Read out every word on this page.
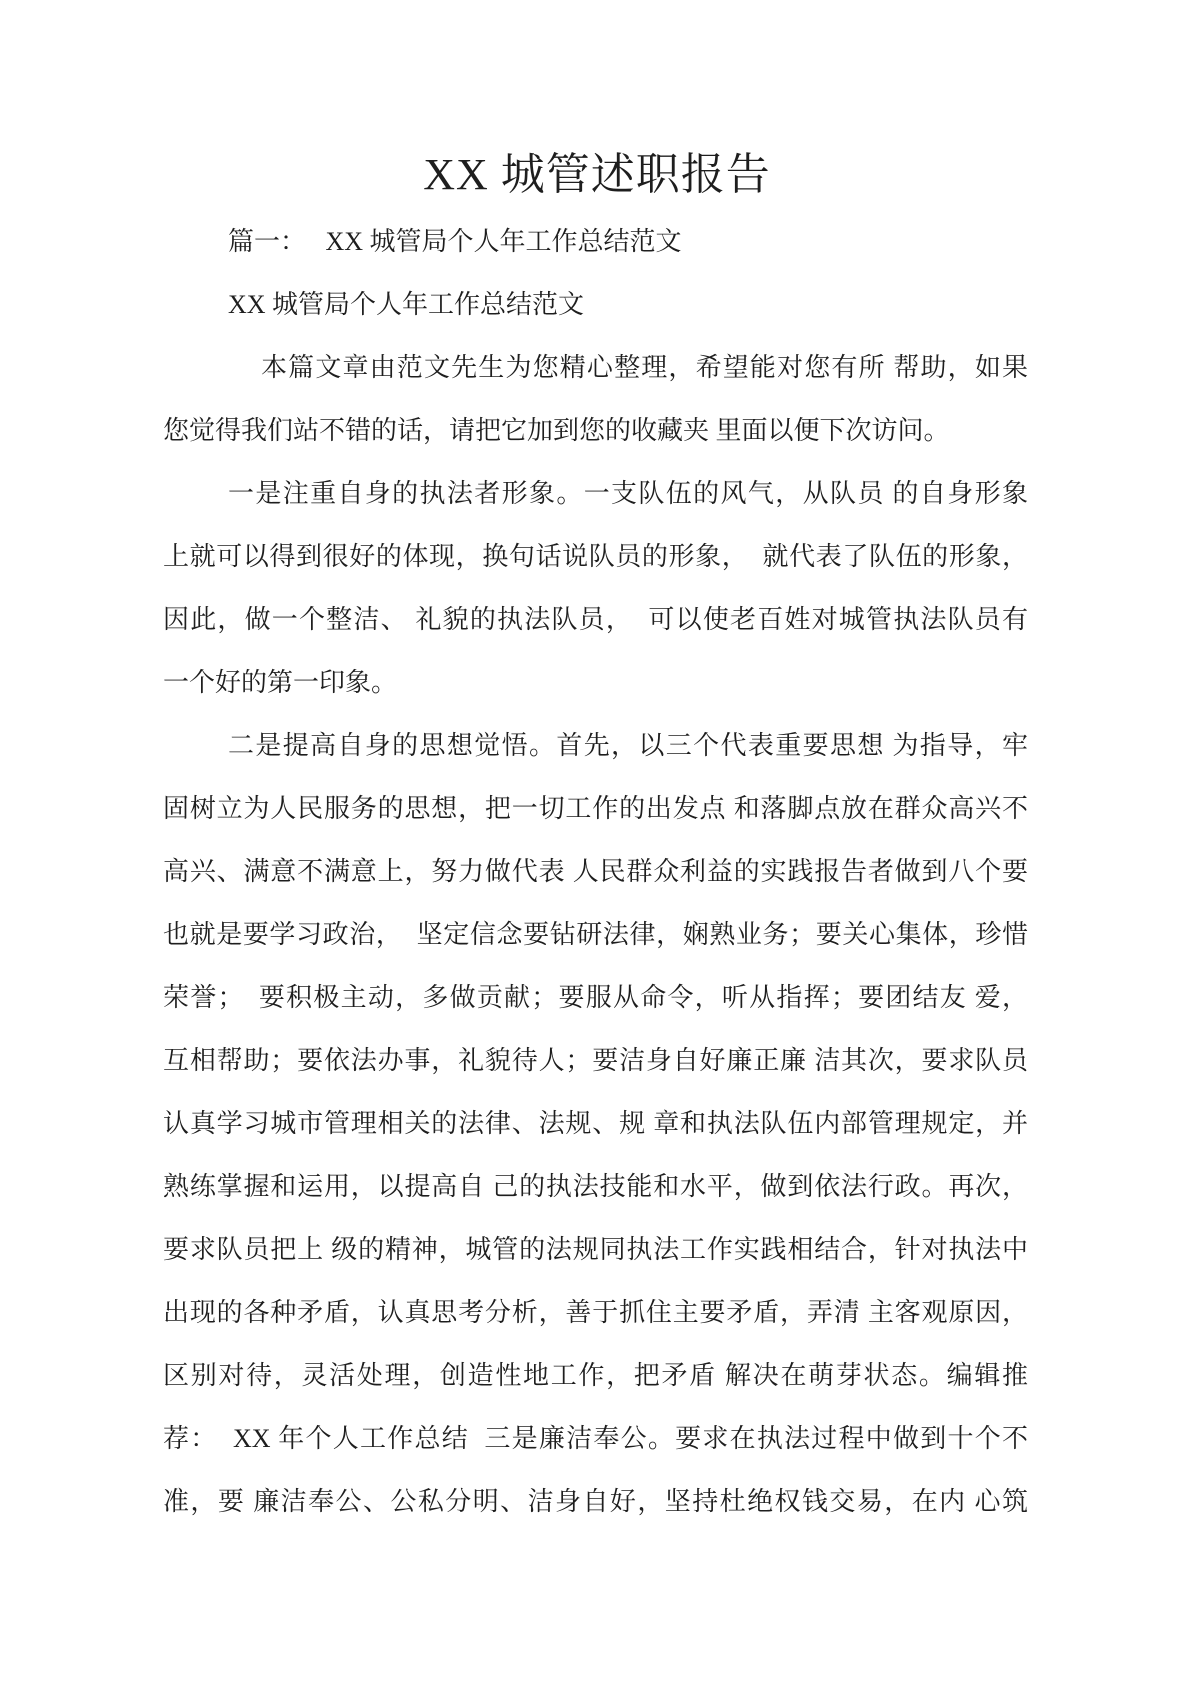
XX 城管述职报告
篇一：　 XX 城管局个人年工作总结范文
XX 城管局个人年工作总结范文
本篇文章由范文先生为您精心整理，希望能对您有所 帮助，如果
您觉得我们站不错的话，请把它加到您的收藏夹 里面以便下次访问。
一是注重自身的执法者形象。一支队伍的风气，从队员 的自身形象
上就可以得到很好的体现，换句话说队员的形象，  就代表了队伍的形象，
因此，做一个整洁、 礼貌的执法队员，  可以使老百姓对城管执法队员有
一个好的第一印象。
二是提高自身的思想觉悟。首先，以三个代表重要思想 为指导，牢
固树立为人民服务的思想，把一切工作的出发点 和落脚点放在群众高兴不
高兴、满意不满意上，努力做代表 人民群众利益的实践报告者做到八个要
也就是要学习政治，  坚定信念要钻研法律，娴熟业务；要关心集体，珍惜
荣誉；  要积极主动，多做贡献；要服从命令，听从指挥；要团结友 爱，
互相帮助；要依法办事，礼貌待人；要洁身自好廉正廉 洁其次，要求队员
认真学习城市管理相关的法律、法规、规 章和执法队伍内部管理规定，并
熟练掌握和运用，以提高自 己的执法技能和水平，做到依法行政。再次，
要求队员把上 级的精神，城管的法规同执法工作实践相结合，针对执法中
出现的各种矛盾，认真思考分析，善于抓住主要矛盾，弄清 主客观原因，
区别对待，灵活处理，创造性地工作，把矛盾 解决在萌芽状态。编辑推
荐：  XX 年个人工作总结  三是廉洁奉公。要求在执法过程中做到十个不
准，要 廉洁奉公、公私分明、洁身自好，坚持杜绝权钱交易，在内 心筑
